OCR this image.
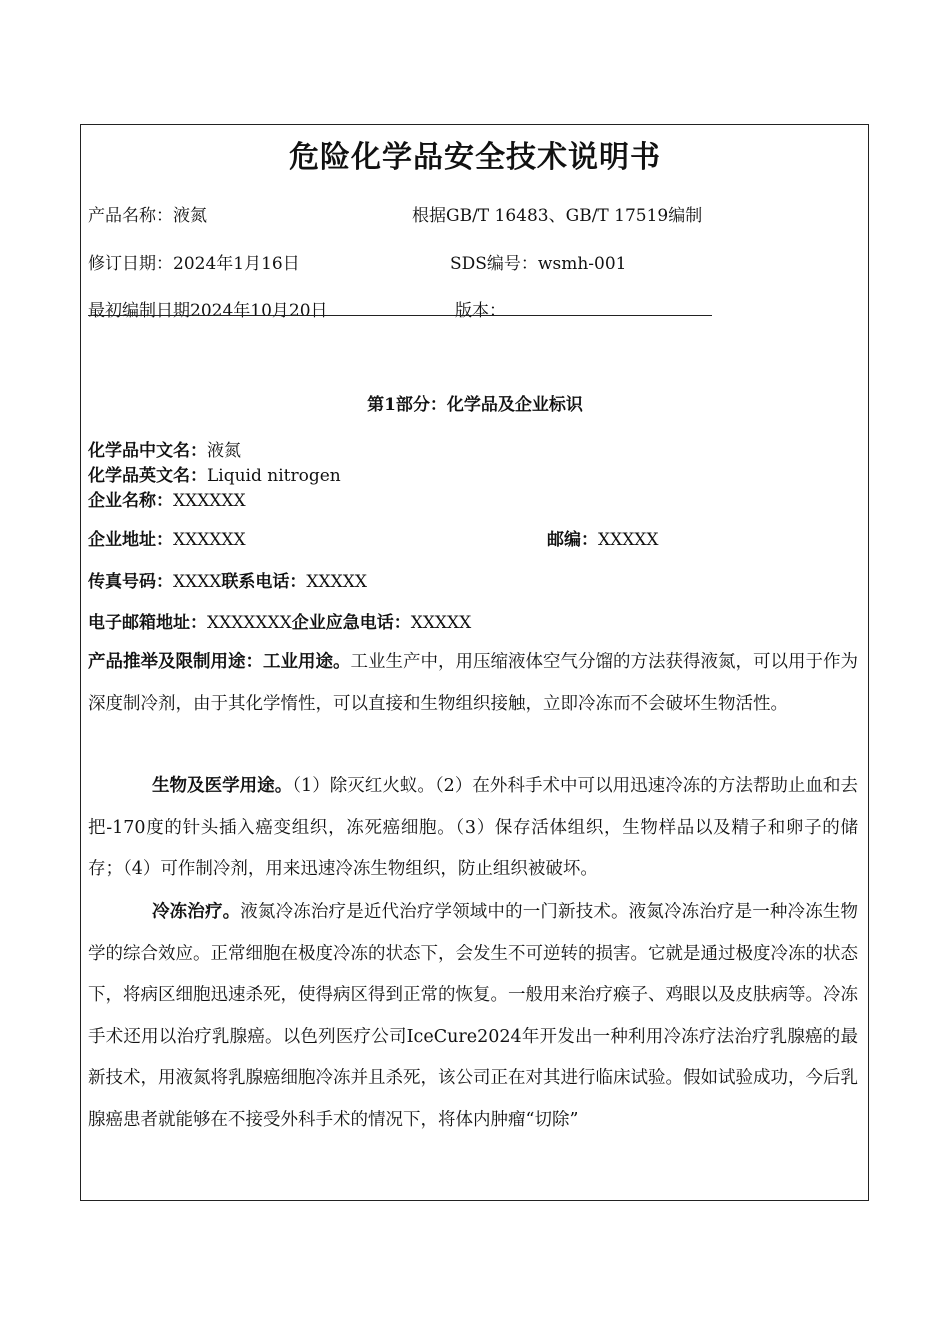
危险化学品安全技术说明书
产品名称：液氮	根据GB/T 16483、GB/T 17519编制
修订日期：2024年1月16日	SDS编号：wsmh-001
最初编制日期2024年10月20日	版本：
第1部分：化学品及企业标识
化学品中文名：液氮
化学品英文名：Liquid nitrogen
企业名称：XXXXXX
企业地址：XXXXXX	邮编：XXXXX
传真号码：XXXX联系电话：XXXXX
电子邮箱地址：XXXXXXX企业应急电话：XXXXX
产品推举及限制用途：工业用途。工业生产中，用压缩液体空气分馏的方法获得液氮，可以用于作为深度制冷剂，由于其化学惰性，可以直接和生物组织接触，立即冷冻而不会破坏生物活性。
生物及医学用途。（1）除灭红火蚁。（2）在外科手术中可以用迅速冷冻的方法帮助止血和去把-170度的针头插入癌变组织，冻死癌细胞。（3）保存活体组织，生物样品以及精子和卵子的储存；（4）可作制冷剂，用来迅速冷冻生物组织，防止组织被破坏。
冷冻治疗。液氮冷冻治疗是近代治疗学领域中的一门新技术。液氮冷冻治疗是一种冷冻生物学的综合效应。正常细胞在极度冷冻的状态下，会发生不可逆转的损害。它就是通过极度冷冻的状态下，将病区细胞迅速杀死，使得病区得到正常的恢复。一般用来治疗瘊子、鸡眼以及皮肤病等。冷冻手术还用以治疗乳腺癌。以色列医疗公司IceCure2024年开发出一种利用冷冻疗法治疗乳腺癌的最新技术，用液氮将乳腺癌细胞冷冻并且杀死，该公司正在对其进行临床试验。假如试验成功，今后乳腺癌患者就能够在不接受外科手术的情况下，将体内肿瘤“切除”
